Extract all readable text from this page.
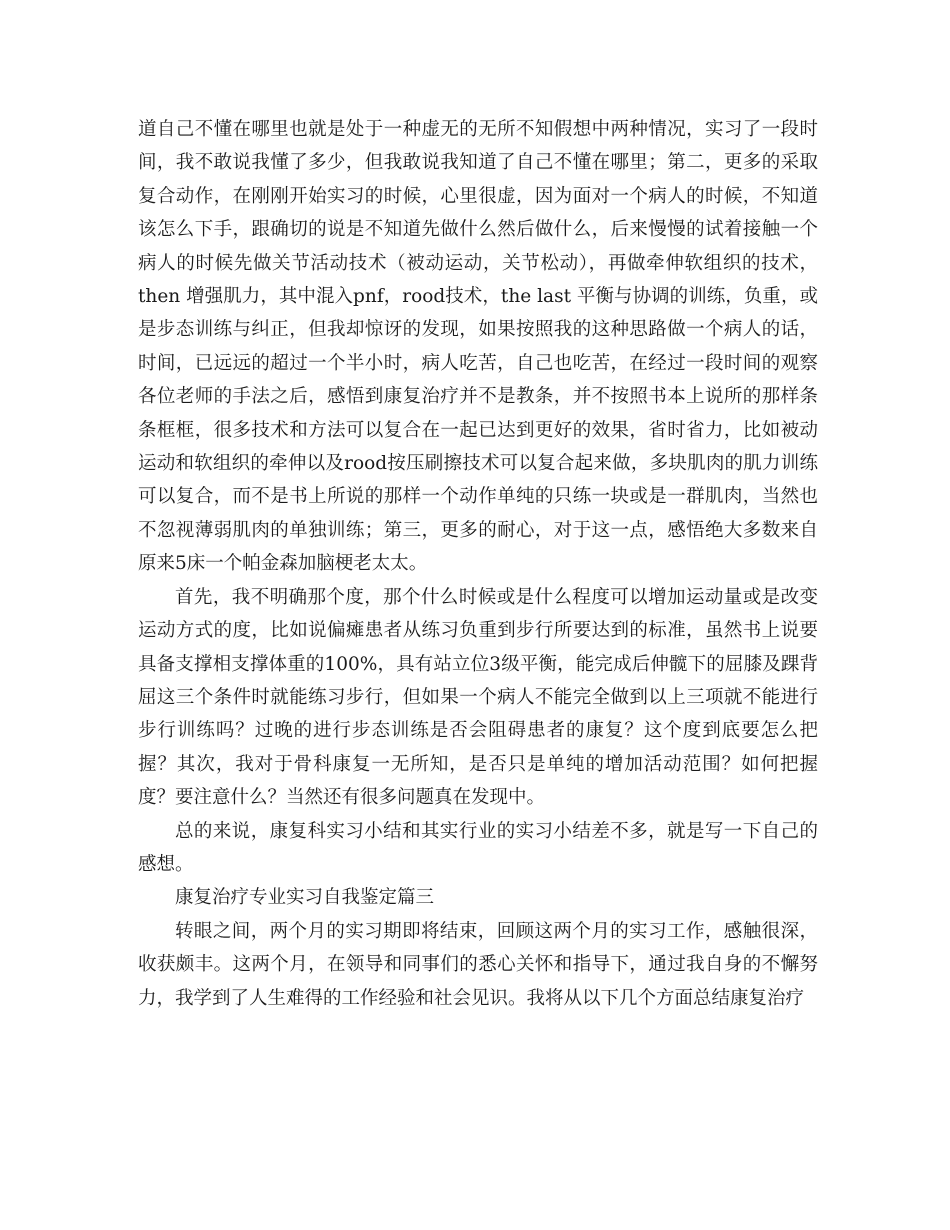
道自己不懂在哪里也就是处于一种虚无的无所不知假想中两种情况，实习了一段时间，我不敢说我懂了多少，但我敢说我知道了自己不懂在哪里；第二，更多的采取复合动作，在刚刚开始实习的时候，心里很虚，因为面对一个病人的时候，不知道该怎么下手，跟确切的说是不知道先做什么然后做什么，后来慢慢的试着接触一个病人的时候先做关节活动技术（被动运动，关节松动），再做牵伸软组织的技术，then 增强肌力，其中混入pnf，rood技术，the last 平衡与协调的训练，负重，或是步态训练与纠正，但我却惊讶的发现，如果按照我的这种思路做一个病人的话，时间，已远远的超过一个半小时，病人吃苦，自己也吃苦，在经过一段时间的观察各位老师的手法之后，感悟到康复治疗并不是教条，并不按照书本上说所的那样条条框框，很多技术和方法可以复合在一起已达到更好的效果，省时省力，比如被动运动和软组织的牵伸以及rood按压刷擦技术可以复合起来做，多块肌肉的肌力训练可以复合，而不是书上所说的那样一个动作单纯的只练一块或是一群肌肉，当然也不忽视薄弱肌肉的单独训练；第三，更多的耐心，对于这一点，感悟绝大多数来自原来5床一个帕金森加脑梗老太太。

首先，我不明确那个度，那个什么时候或是什么程度可以增加运动量或是改变运动方式的度，比如说偏瘫患者从练习负重到步行所要达到的标准，虽然书上说要具备支撑相支撑体重的100%，具有站立位3级平衡，能完成后伸髋下的屈膝及踝背屈这三个条件时就能练习步行，但如果一个病人不能完全做到以上三项就不能进行步行训练吗？过晚的进行步态训练是否会阻碍患者的康复？这个度到底要怎么把握？其次，我对于骨科康复一无所知，是否只是单纯的增加活动范围？如何把握度？要注意什么？当然还有很多问题真在发现中。

总的来说，康复科实习小结和其实行业的实习小结差不多，就是写一下自己的感想。

康复治疗专业实习自我鉴定篇三

转眼之间，两个月的实习期即将结束，回顾这两个月的实习工作，感触很深，收获颇丰。这两个月，在领导和同事们的悉心关怀和指导下，通过我自身的不懈努力，我学到了人生难得的工作经验和社会见识。我将从以下几个方面总结康复治疗
